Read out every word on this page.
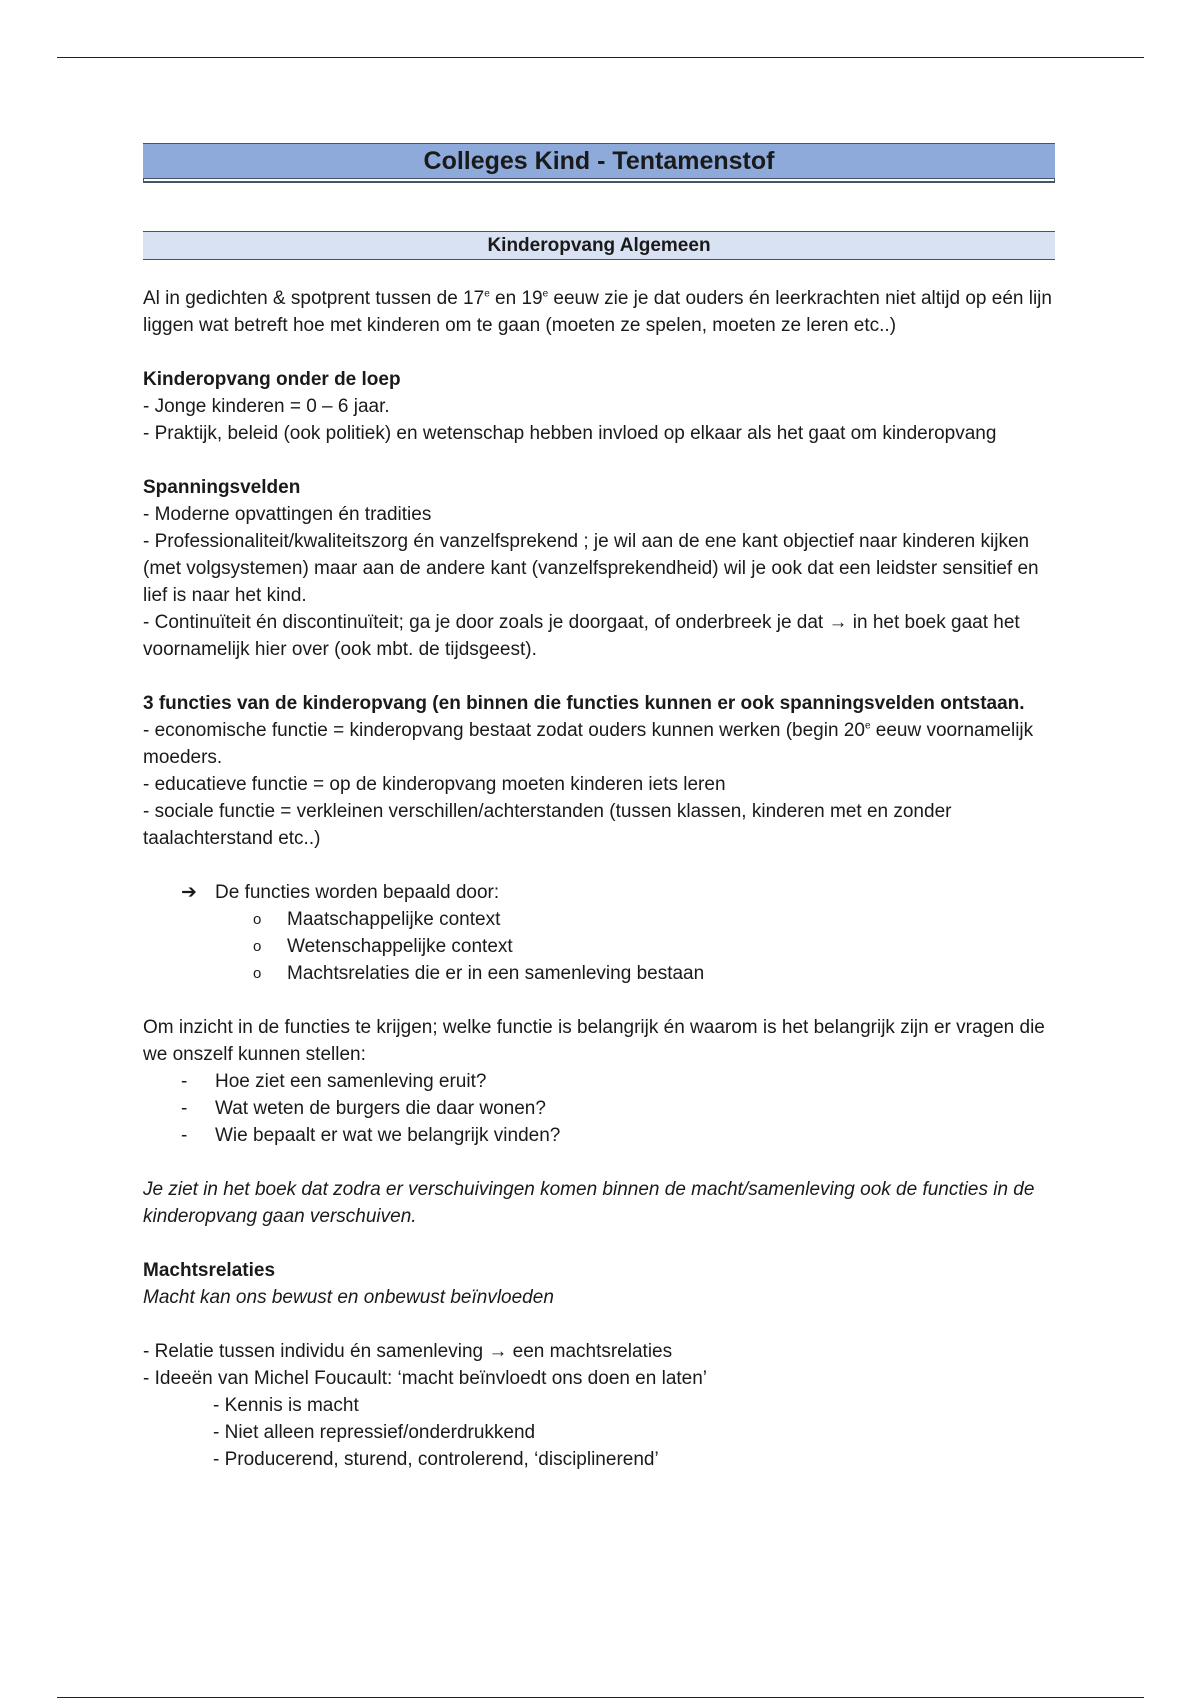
Colleges Kind - Tentamenstof
Kinderopvang Algemeen

Al in gedichten & spotprent tussen de 17e en 19e eeuw zie je dat ouders én leerkrachten niet altijd op eén lijn liggen wat betreft hoe met kinderen om te gaan (moeten ze spelen, moeten ze leren etc..)

Kinderopvang onder de loep

- Jonge kinderen = 0 – 6 jaar.

- Praktijk, beleid (ook politiek) en wetenschap hebben invloed op elkaar als het gaat om kinderopvang

Spanningsvelden

- Moderne opvattingen én tradities

- Professionaliteit/kwaliteitszorg én vanzelfsprekend ; je wil aan de ene kant objectief naar kinderen kijken (met volgsystemen) maar aan de andere kant (vanzelfsprekendheid) wil je ook dat een leidster sensitief en lief is naar het kind.

- Continuïteit én discontinuïteit; ga je door zoals je doorgaat, of onderbreek je dat → in het boek gaat het voornamelijk hier over (ook mbt. de tijdsgeest).

3 functies van de kinderopvang (en binnen die functies kunnen er ook spanningsvelden ontstaan.

- economische functie = kinderopvang bestaat zodat ouders kunnen werken (begin 20e eeuw voornamelijk moeders.

- educatieve functie = op de kinderopvang moeten kinderen iets leren

- sociale functie = verkleinen verschillen/achterstanden (tussen klassen, kinderen met en zonder taalachterstand etc..)

➔ De functies worden bepaald door:
o Maatschappelijke context
o Wetenschappelijke context
o Machtsrelaties die er in een samenleving bestaan

Om inzicht in de functies te krijgen; welke functie is belangrijk én waarom is het belangrijk zijn er vragen die we onszelf kunnen stellen:

- Hoe ziet een samenleving eruit?
- Wat weten de burgers die daar wonen?
- Wie bepaalt er wat we belangrijk vinden?

Je ziet in het boek dat zodra er verschuivingen komen binnen de macht/samenleving ook de functies in de kinderopvang gaan verschuiven.

Machtsrelaties

Macht kan ons bewust en onbewust beïnvloeden

- Relatie tussen individu én samenleving → een machtsrelaties

- Ideeën van Michel Foucault: ‘macht beïnvloedt ons doen en laten’

- Kennis is macht
- Niet alleen repressief/onderdrukkend
- Producerend, sturend, controlerend, ‘disciplinerend’
